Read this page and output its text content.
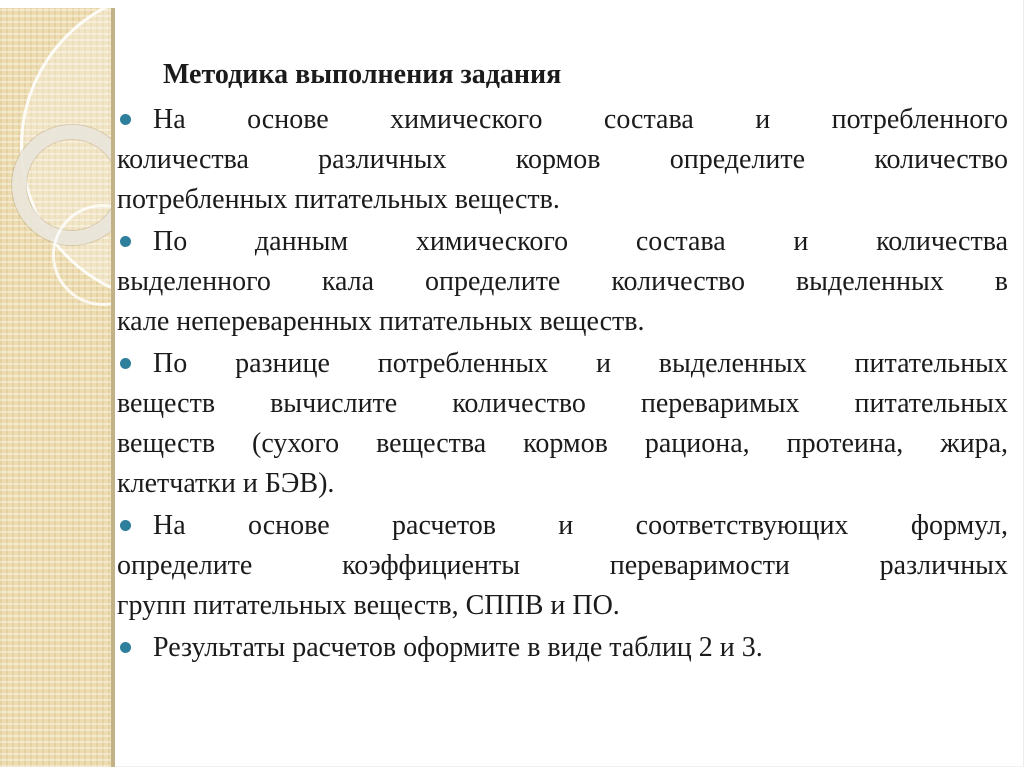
Методика выполнения задания
На основе химического состава и потребленного
количества различных кормов определите количество
потребленных питательных веществ.
По данным химического состава и количества
выделенного кала определите количество выделенных в
кале непереваренных питательных веществ.
По разнице потребленных и выделенных питательных
веществ вычислите количество переваримых питательных
веществ (сухого вещества кормов рациона, протеина, жира,
клетчатки и БЭВ).
На основе расчетов и соответствующих формул,
определите коэффициенты переваримости различных
групп питательных веществ, СППВ и ПО.
Результаты расчетов оформите в виде таблиц 2 и 3.
